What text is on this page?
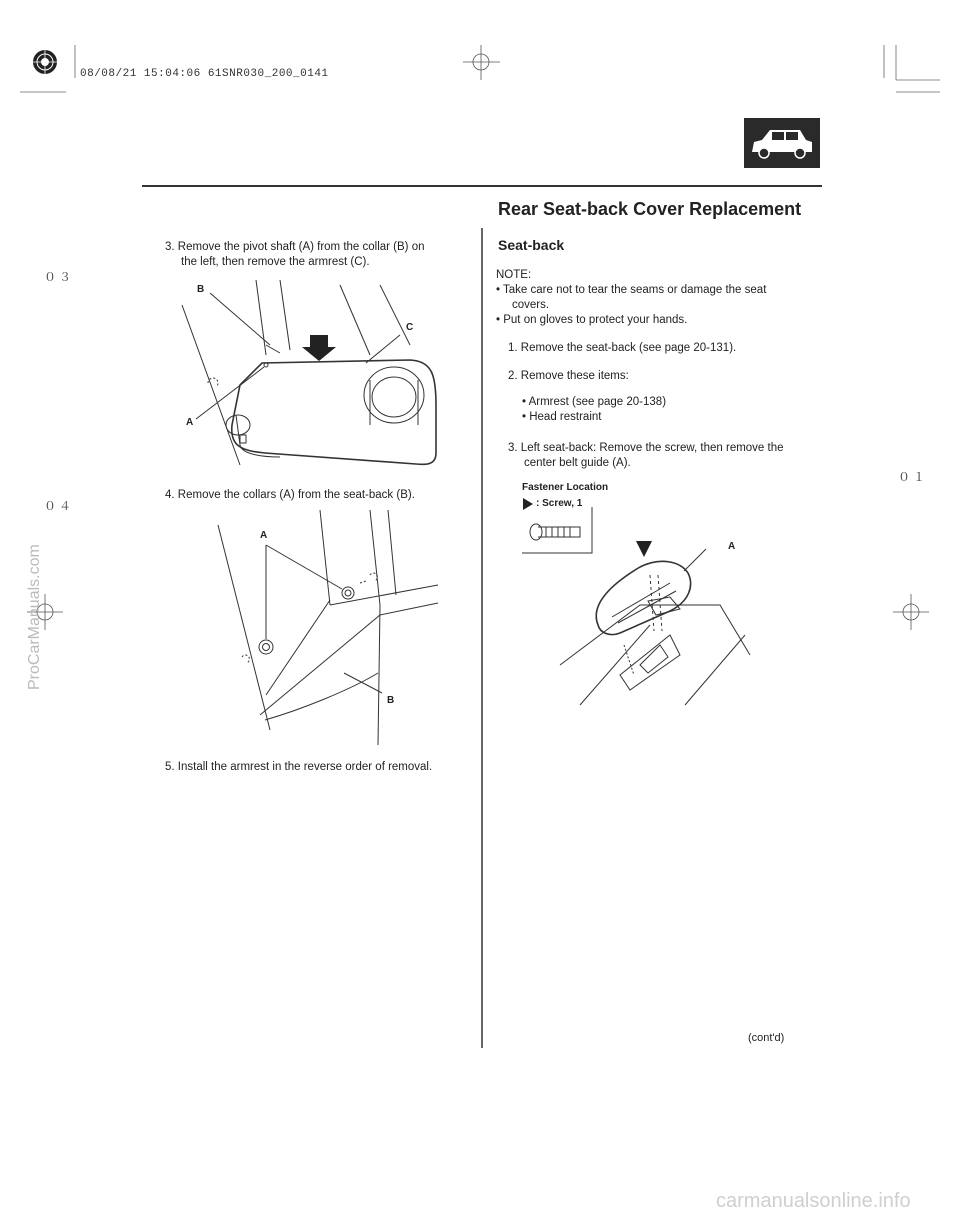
08/08/21 15:04:06 61SNR030_200_0141
０３
０４
０１
ProCarManuals.com
Rear Seat-back Cover Replacement
Seat-back
3. Remove the pivot shaft (A) from the collar (B) on
the left, then remove the armrest (C).
B
C
A
4. Remove the collars (A) from the seat-back (B).
A
B
5. Install the armrest in the reverse order of removal.
NOTE:
• Take care not to tear the seams or damage the seat
covers.
• Put on gloves to protect your hands.
1. Remove the seat-back (see page 20-131).
2. Remove these items:
• Armrest (see page 20-138)
• Head restraint
3. Left seat-back: Remove the screw, then remove the
center belt guide (A).
Fastener Location
: Screw, 1
A
(cont'd)
carmanualsonline.info
